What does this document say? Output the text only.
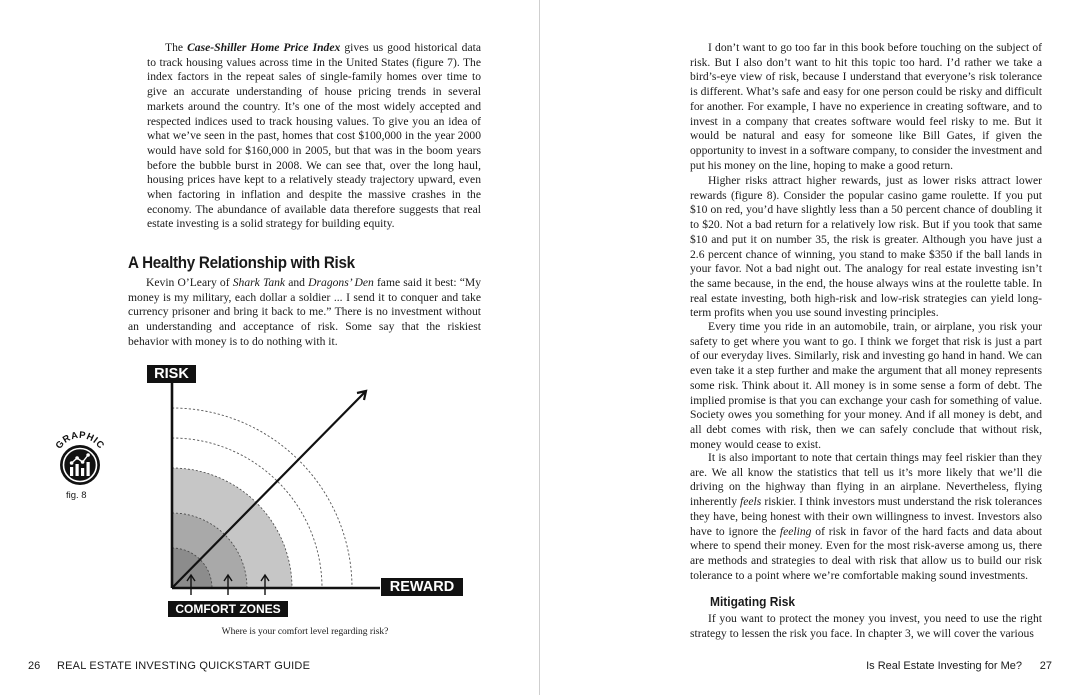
The Case-Shiller Home Price Index gives us good historical data to track housing values across time in the United States (figure 7). The index factors in the repeat sales of single-family homes over time to give an accurate understanding of house pricing trends in several markets around the country. It’s one of the most widely accepted and respected indices used to track housing values. To give you an idea of what we’ve seen in the past, homes that cost $100,000 in the year 2000 would have sold for $160,000 in 2005, but that was in the boom years before the bubble burst in 2008. We can see that, over the long haul, housing prices have kept to a relatively steady trajectory upward, even when factoring in inflation and despite the massive crashes in the economy. The abundance of available data therefore suggests that real estate investing is a solid strategy for building equity.

A Healthy Relationship with Risk

Kevin O’Leary of Shark Tank and Dragons’ Den fame said it best: “My money is my military, each dollar a soldier ... I send it to conquer and take currency prisoner and bring it back to me.” There is no investment without an understanding and acceptance of risk. Some say that the riskiest behavior with money is to do nothing with it.

GRAPHIC
fig. 8
RISK
REWARD
COMFORT ZONES
Where is your comfort level regarding risk?
26 REAL ESTATE INVESTING QUICKSTART GUIDE

I don’t want to go too far in this book before touching on the subject of risk. But I also don’t want to hit this topic too hard. I’d rather we take a bird’s-eye view of risk, because I understand that everyone’s risk tolerance is different. What’s safe and easy for one person could be risky and difficult for another. For example, I have no experience in creating software, and to invest in a company that creates software would feel risky to me. But it would be natural and easy for someone like Bill Gates, if given the opportunity to invest in a software company, to consider the investment and put his money on the line, hoping to make a good return.

Higher risks attract higher rewards, just as lower risks attract lower rewards (figure 8). Consider the popular casino game roulette. If you put $10 on red, you’d have slightly less than a 50 percent chance of doubling it to $20. Not a bad return for a relatively low risk. But if you took that same $10 and put it on number 35, the risk is greater. Although you have just a 2.6 percent chance of winning, you stand to make $350 if the ball lands in your favor. Not a bad night out. The analogy for real estate investing isn’t the same because, in the end, the house always wins at the roulette table. In real estate investing, both high-risk and low-risk strategies can yield long-term profits when you use sound investing principles.

Every time you ride in an automobile, train, or airplane, you risk your safety to get where you want to go. I think we forget that risk is just a part of our everyday lives. Similarly, risk and investing go hand in hand. We can even take it a step further and make the argument that all money represents some risk. Think about it. All money is in some sense a form of debt. The implied promise is that you can exchange your cash for something of value. Society owes you something for your money. And if all money is debt, and all debt comes with risk, then we can safely conclude that without risk, money would cease to exist.

It is also important to note that certain things may feel riskier than they are. We all know the statistics that tell us it’s more likely that we’ll die driving on the highway than flying in an airplane. Nevertheless, flying inherently feels riskier. I think investors must understand the risk tolerances they have, being honest with their own willingness to invest. Investors also have to ignore the feeling of risk in favor of the hard facts and data about where to spend their money. Even for the most risk-averse among us, there are methods and strategies to deal with risk that allow us to build our risk tolerance to a point where we’re comfortable making sound investments.

If you want to protect the money you invest, you need to use the right strategy to lessen the risk you face. In chapter 3, we will cover the various

Mitigating Risk
Is Real Estate Investing for Me? 27
